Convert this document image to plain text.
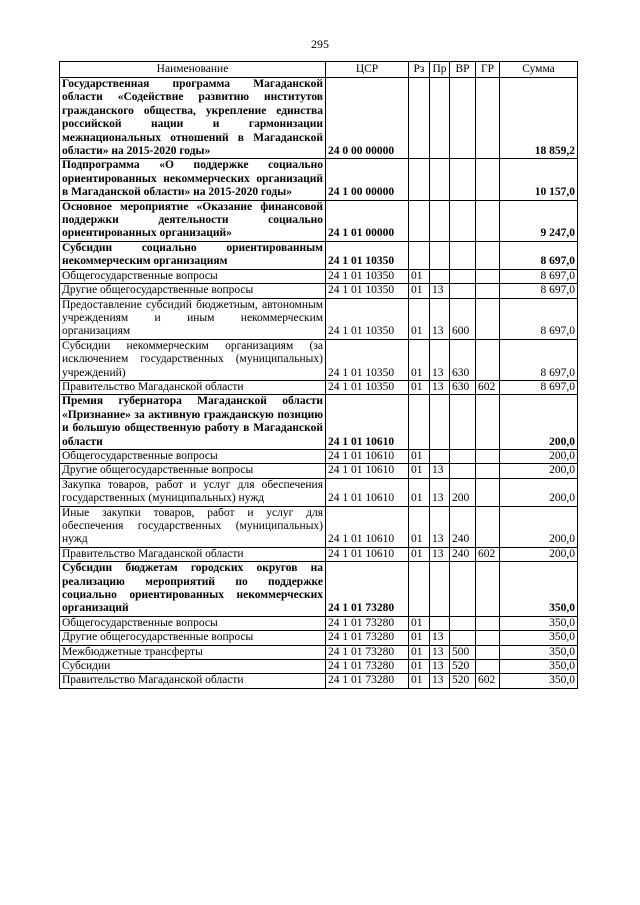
295
Наименование	ЦСР	Рз	Пр	ВР	ГР	Сумма
Государственная программа Магаданской области «Содействие развитию институтов гражданского общества, укрепление единства российской нации и гармонизации межнациональных отношений в Магаданской области» на 2015-2020 годы»	24 0 00 00000					18 859,2
Подпрограмма «О поддержке социально ориентированных некоммерческих организаций в Магаданской области» на 2015-2020 годы»	24 1 00 00000					10 157,0
Основное мероприятие «Оказание финансовой поддержки деятельности социально ориентированных организаций»	24 1 01 00000					9 247,0
Субсидии социально ориентированным некоммерческим организациям	24 1 01 10350					8 697,0
Общегосударственные вопросы	24 1 01 10350	01				8 697,0
Другие общегосударственные вопросы	24 1 01 10350	01	13			8 697,0
Предоставление субсидий бюджетным, автономным учреждениям и иным некоммерческим организациям	24 1 01 10350	01	13	600		8 697,0
Субсидии некоммерческим организациям (за исключением государственных (муниципальных) учреждений)	24 1 01 10350	01	13	630		8 697,0
Правительство Магаданской области	24 1 01 10350	01	13	630	602	8 697,0
Премия губернатора Магаданской области «Признание» за активную гражданскую позицию и большую общественную работу в Магаданской области	24 1 01 10610					200,0
Общегосударственные вопросы	24 1 01 10610	01				200,0
Другие общегосударственные вопросы	24 1 01 10610	01	13			200,0
Закупка товаров, работ и услуг для обеспечения государственных (муниципальных) нужд	24 1 01 10610	01	13	200		200,0
Иные закупки товаров, работ и услуг для обеспечения государственных (муниципальных) нужд	24 1 01 10610	01	13	240		200,0
Правительство Магаданской области	24 1 01 10610	01	13	240	602	200,0
Субсидии бюджетам городских округов на реализацию мероприятий по поддержке социально ориентированных некоммерческих организаций	24 1 01 73280					350,0
Общегосударственные вопросы	24 1 01 73280	01				350,0
Другие общегосударственные вопросы	24 1 01 73280	01	13			350,0
Межбюджетные трансферты	24 1 01 73280	01	13	500		350,0
Субсидии	24 1 01 73280	01	13	520		350,0
Правительство Магаданской области	24 1 01 73280	01	13	520	602	350,0
